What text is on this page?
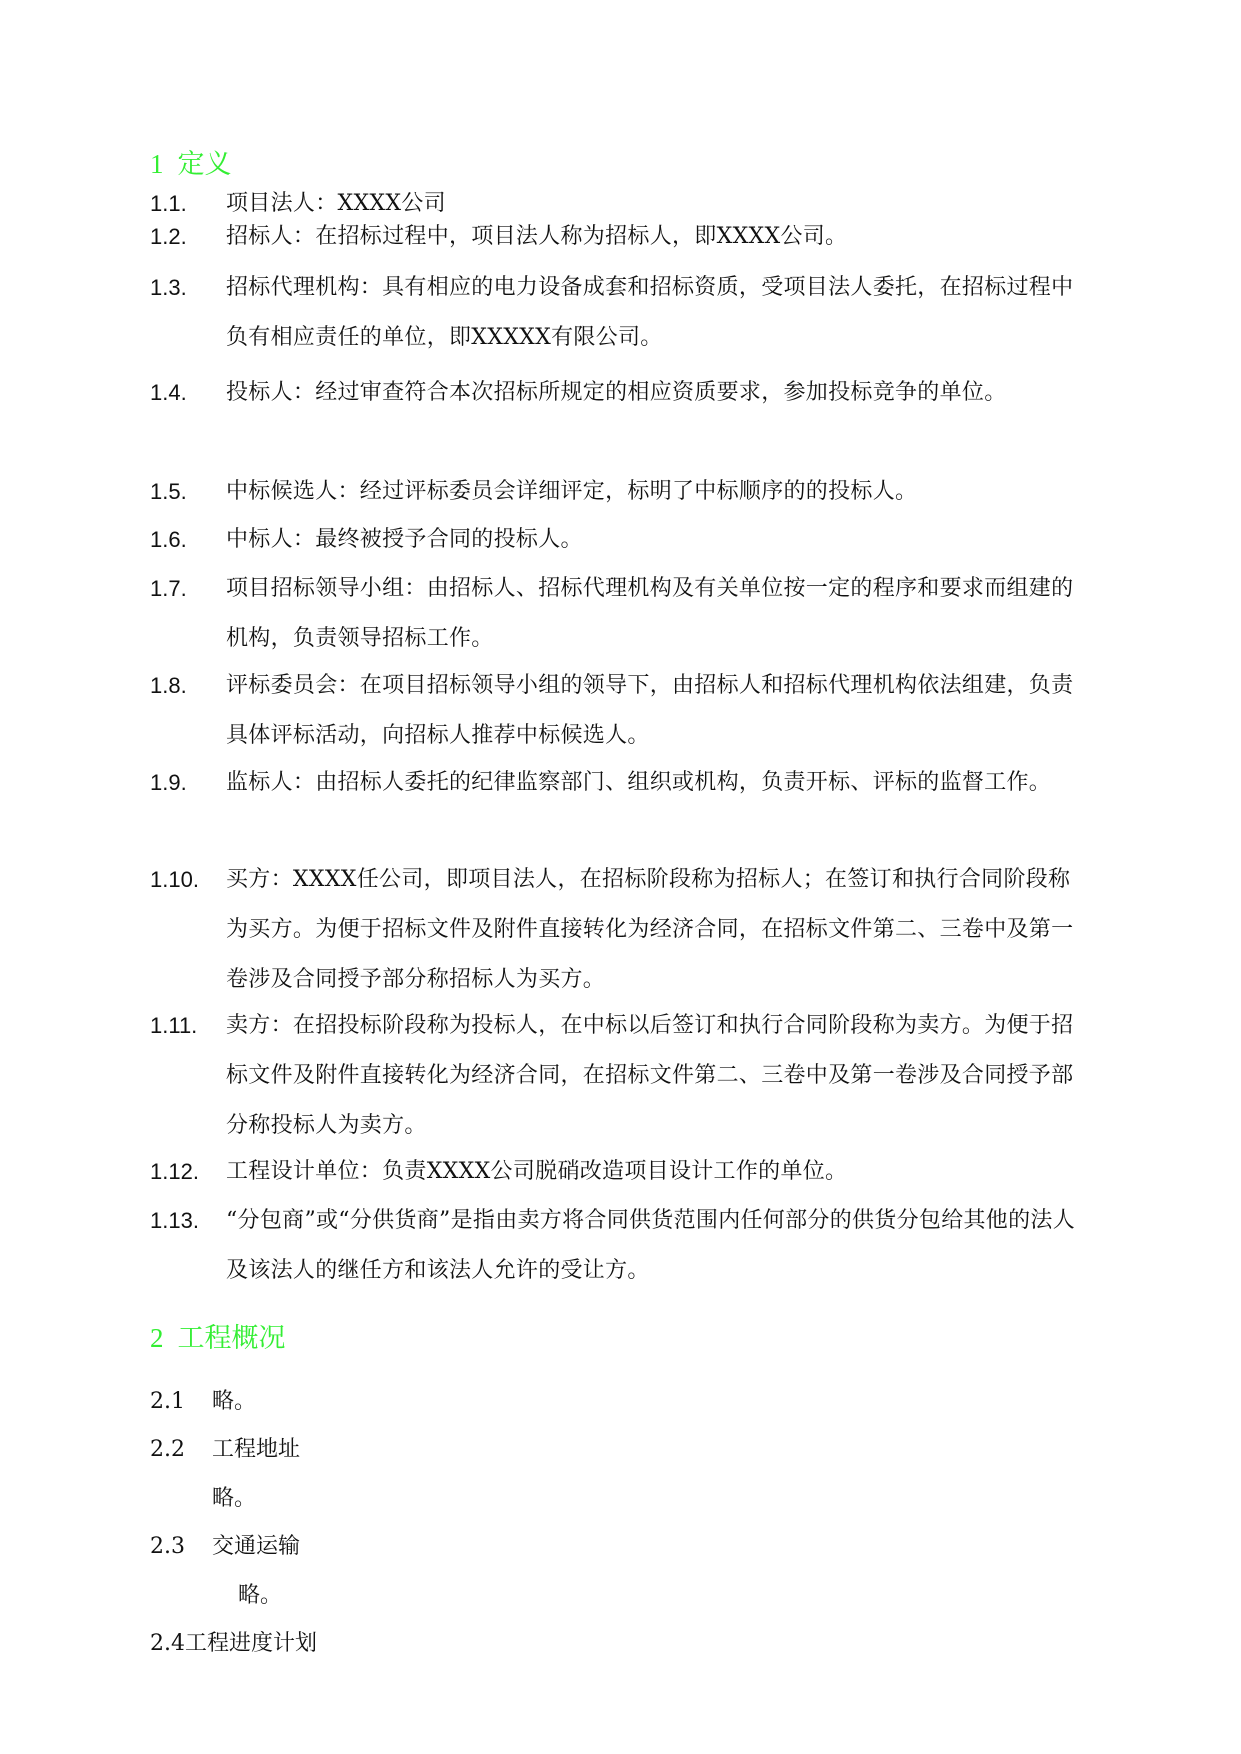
1 定义
1.1. 项目法人：XXXX公司
1.2. 招标人：在招标过程中，项目法人称为招标人，即XXXX公司。
1.3. 招标代理机构：具有相应的电力设备成套和招标资质，受项目法人委托，在招标过程中负有相应责任的单位，即XXXXX有限公司。
1.4. 投标人：经过审查符合本次招标所规定的相应资质要求，参加投标竞争的单位。
1.5. 中标候选人：经过评标委员会详细评定，标明了中标顺序的的投标人。
1.6. 中标人：最终被授予合同的投标人。
1.7. 项目招标领导小组：由招标人、招标代理机构及有关单位按一定的程序和要求而组建的机构，负责领导招标工作。
1.8. 评标委员会：在项目招标领导小组的领导下，由招标人和招标代理机构依法组建，负责具体评标活动，向招标人推荐中标候选人。
1.9. 监标人：由招标人委托的纪律监察部门、组织或机构，负责开标、评标的监督工作。
1.10. 买方：XXXX任公司，即项目法人，在招标阶段称为招标人；在签订和执行合同阶段称为买方。为便于招标文件及附件直接转化为经济合同，在招标文件第二、三卷中及第一卷涉及合同授予部分称招标人为买方。
1.11. 卖方：在招投标阶段称为投标人，在中标以后签订和执行合同阶段称为卖方。为便于招标文件及附件直接转化为经济合同，在招标文件第二、三卷中及第一卷涉及合同授予部分称投标人为卖方。
1.12. 工程设计单位：负责XXXX公司脱硝改造项目设计工作的单位。
1.13. “分包商”或“分供货商”是指由卖方将合同供货范围内任何部分的供货分包给其他的法人及该法人的继任方和该法人允许的受让方。
2 工程概况
2.1 略。
2.2 工程地址
略。
2.3 交通运输
略。
2.4工程进度计划
